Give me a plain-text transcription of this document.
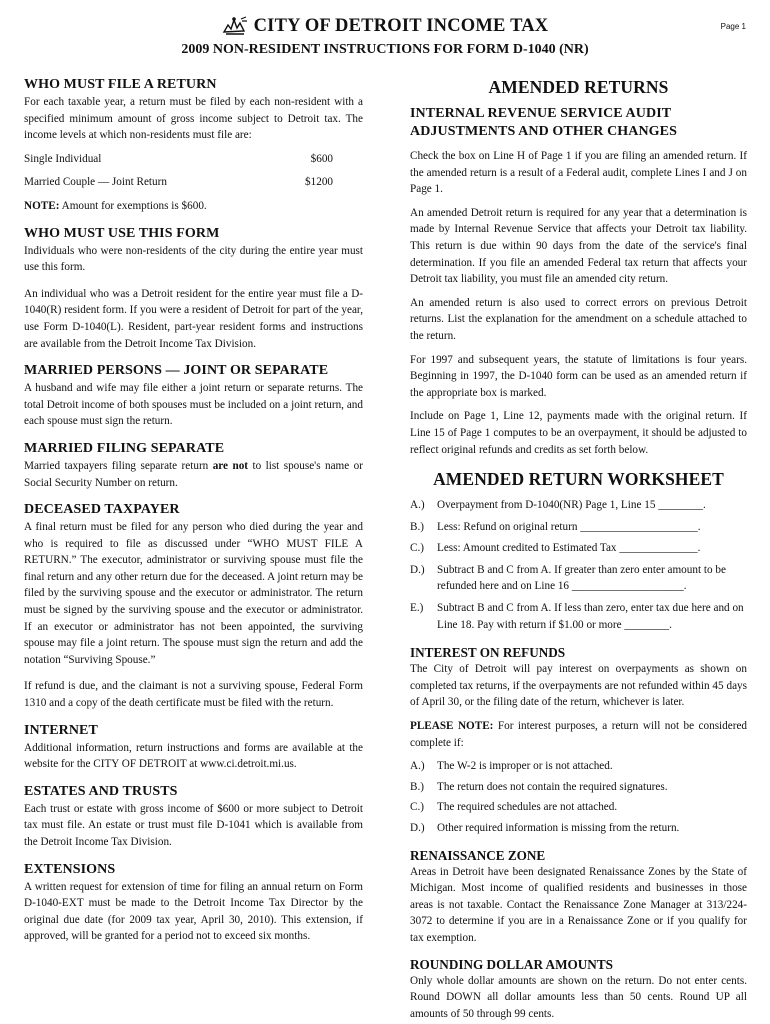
CITY OF DETROIT INCOME TAX
2009 NON-RESIDENT INSTRUCTIONS FOR FORM D-1040 (NR)
Page 1
WHO MUST FILE A RETURN

For each taxable year, a return must be filed by each non-resident with a specified minimum amount of gross income subject to Detroit tax. The income levels at which non-residents must file are:

Single Individual	$600
Married Couple — Joint Return	$1200

NOTE: Amount for exemptions is $600.

WHO MUST USE THIS FORM

Individuals who were non-residents of the city during the entire year must use this form.

An individual who was a Detroit resident for the entire year must file a D-1040(R) resident form. If you were a resident of Detroit for part of the year, use Form D-1040(L). Resident, part-year resident forms and instructions are available from the Detroit Income Tax Division.

MARRIED PERSONS — JOINT OR SEPARATE

A husband and wife may file either a joint return or separate returns. The total Detroit income of both spouses must be included on a joint return, and each spouse must sign the return.

MARRIED FILING SEPARATE

Married taxpayers filing separate return are not to list spouse's name or Social Security Number on return.

DECEASED TAXPAYER

A final return must be filed for any person who died during the year and who is required to file as discussed under “WHO MUST FILE A RETURN.” The executor, administrator or surviving spouse must file the final return and any other return due for the deceased. A joint return may be filed by the surviving spouse and the executor or administrator. The return must be signed by the surviving spouse and the executor or administrator. If an executor or administrator has not been appointed, the surviving spouse may file a joint return. The spouse must sign the return and add the notation “Surviving Spouse.”

If refund is due, and the claimant is not a surviving spouse, Federal Form 1310 and a copy of the death certificate must be filed with the return.

INTERNET

Additional information, return instructions and forms are available at the website for the CITY OF DETROIT at www.ci.detroit.mi.us.

ESTATES AND TRUSTS

Each trust or estate with gross income of $600 or more subject to Detroit tax must file. An estate or trust must file D-1041 which is available from the Detroit Income Tax Division.

EXTENSIONS

A written request for extension of time for filing an annual return on Form D-1040-EXT must be made to the Detroit Income Tax Director by the original due date (for 2009 tax year, April 30, 2010). This extension, if approved, will be granted for a period not to exceed six months.

AMENDED RETURNS
INTERNAL REVENUE SERVICE AUDIT ADJUSTMENTS AND OTHER CHANGES

Check the box on Line H of Page 1 if you are filing an amended return. If the amended return is a result of a Federal audit, complete Lines I and J on Page 1.

An amended Detroit return is required for any year that a determination is made by Internal Revenue Service that affects your Detroit tax liability. This return is due within 90 days from the date of the service's final determination. If you file an amended Federal tax return that affects your Detroit tax liability, you must file an amended city return.

An amended return is also used to correct errors on previous Detroit returns. List the explanation for the amendment on a schedule attached to the return.

For 1997 and subsequent years, the statute of limitations is four years. Beginning in 1997, the D-1040 form can be used as an amended return if the appropriate box is marked.

Include on Page 1, Line 12, payments made with the original return. If Line 15 of Page 1 computes to be an overpayment, it should be adjusted to reflect original refunds and credits as set forth below.

AMENDED RETURN WORKSHEET
A.)	Overpayment from D-1040(NR) Page 1, Line 15 ________.
B.)	Less: Refund on original return _____________________.
C.)	Less: Amount credited to Estimated Tax ______________.
D.)	Subtract B and C from A. If greater than zero enter amount to be refunded here and on Line 16 ____________________.
E.)	Subtract B and C from A. If less than zero, enter tax due here and on Line 18. Pay with return if $1.00 or more ________.
INTEREST ON REFUNDS

The City of Detroit will pay interest on overpayments as shown on completed tax returns, if the overpayments are not refunded within 45 days of April 30, or the filing date of the return, whichever is later.

PLEASE NOTE: For interest purposes, a return will not be considered complete if:

A.)	The W-2 is improper or is not attached.
B.)	The return does not contain the required signatures.
C.)	The required schedules are not attached.
D.)	Other required information is missing from the return.
RENAISSANCE ZONE

Areas in Detroit have been designated Renaissance Zones by the State of Michigan. Most income of qualified residents and businesses in those areas is not taxable. Contact the Renaissance Zone Manager at 313/224-3072 to determine if you are in a Renaissance Zone or if you qualify for tax exemption.

ROUNDING DOLLAR AMOUNTS

Only whole dollar amounts are shown on the return. Do not enter cents. Round DOWN all dollar amounts less than 50 cents. Round UP all amounts of 50 through 99 cents.
